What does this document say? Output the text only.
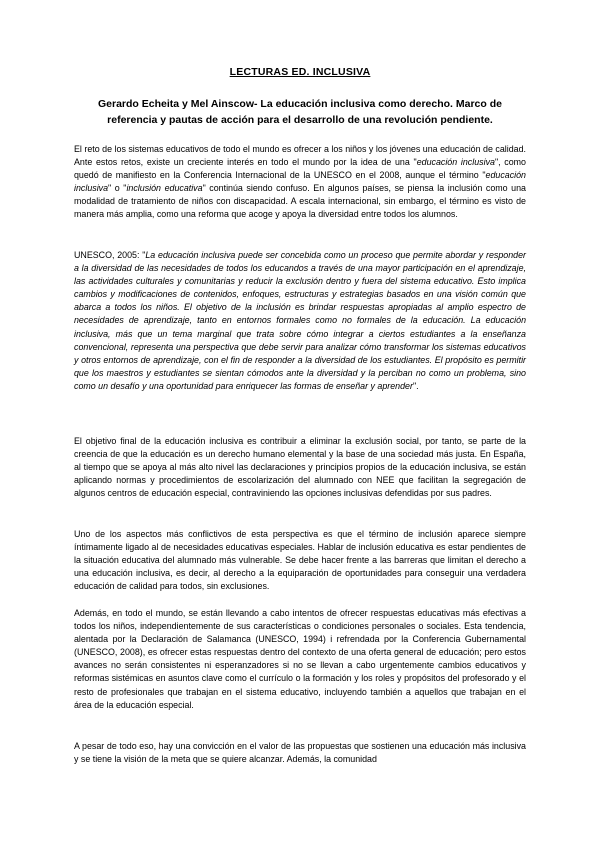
LECTURAS ED. INCLUSIVA
Gerardo Echeita y Mel Ainscow- La educación inclusiva como derecho. Marco de referencia y pautas de acción para el desarrollo de una revolución pendiente.

El reto de los sistemas educativos de todo el mundo es ofrecer a los niños y los jóvenes una educación de calidad. Ante estos retos, existe un creciente interés en todo el mundo por la idea de una "educación inclusiva", como quedó de manifiesto en la Conferencia Internacional de la UNESCO en el 2008, aunque el término "educación inclusiva" o "inclusión educativa" continúa siendo confuso. En algunos países, se piensa la inclusión como una modalidad de tratamiento de niños con discapacidad. A escala internacional, sin embargo, el término es visto de manera más amplia, como una reforma que acoge y apoya la diversidad entre todos los alumnos.

UNESCO, 2005: "La educación inclusiva puede ser concebida como un proceso que permite abordar y responder a la diversidad de las necesidades de todos los educandos a través de una mayor participación en el aprendizaje, las actividades culturales y comunitarias y reducir la exclusión dentro y fuera del sistema educativo. Esto implica cambios y modificaciones de contenidos, enfoques, estructuras y estrategias basados en una visión común que abarca a todos los niños. El objetivo de la inclusión es brindar respuestas apropiadas al amplio espectro de necesidades de aprendizaje, tanto en entornos formales como no formales de la educación. La educación inclusiva, más que un tema marginal que trata sobre cómo integrar a ciertos estudiantes a la enseñanza convencional, representa una perspectiva que debe servir para analizar cómo transformar los sistemas educativos y otros entornos de aprendizaje, con el fin de responder a la diversidad de los estudiantes. El propósito es permitir que los maestros y estudiantes se sientan cómodos ante la diversidad y la perciban no como un problema, sino como un desafío y una oportunidad para enriquecer las formas de enseñar y aprender".

El objetivo final de la educación inclusiva es contribuir a eliminar la exclusión social, por tanto, se parte de la creencia de que la educación es un derecho humano elemental y la base de una sociedad más justa. En España, al tiempo que se apoya al más alto nivel las declaraciones y principios propios de la educación inclusiva, se están aplicando normas y procedimientos de escolarización del alumnado con NEE que facilitan la segregación de algunos centros de educación especial, contraviniendo las opciones inclusivas defendidas por sus padres.

Uno de los aspectos más conflictivos de esta perspectiva es que el término de inclusión aparece siempre íntimamente ligado al de necesidades educativas especiales. Hablar de inclusión educativa es estar pendientes de la situación educativa del alumnado más vulnerable. Se debe hacer frente a las barreras que limitan el derecho a una educación inclusiva, es decir, al derecho a la equiparación de oportunidades para conseguir una verdadera educación de calidad para todos, sin exclusiones.

Además, en todo el mundo, se están llevando a cabo intentos de ofrecer respuestas educativas más efectivas a todos los niños, independientemente de sus características o condiciones personales o sociales. Esta tendencia, alentada por la Declaración de Salamanca (UNESCO, 1994) i refrendada por la Conferencia Gubernamental (UNESCO, 2008), es ofrecer estas respuestas dentro del contexto de una oferta general de educación; pero estos avances no serán consistentes ni esperanzadores si no se llevan a cabo urgentemente cambios educativos y reformas sistémicas en asuntos clave como el currículo o la formación y los roles y propósitos del profesorado y el resto de profesionales que trabajan en el sistema educativo, incluyendo también a aquellos que trabajan en el área de la educación especial.

A pesar de todo eso, hay una convicción en el valor de las propuestas que sostienen una educación más inclusiva y se tiene la visión de la meta que se quiere alcanzar. Además, la comunidad
